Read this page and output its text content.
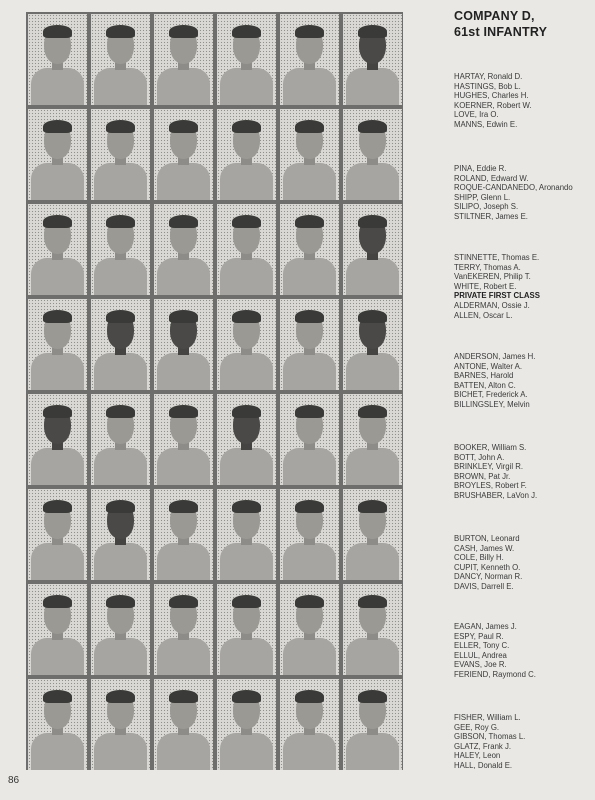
COMPANY D,
61st INFANTRY
HARTAY, Ronald D.
HASTINGS, Bob L.
HUGHES, Charles H.
KOERNER, Robert W.
LOVE, Ira O.
MANNS, Edwin E.
PINA, Eddie R.
ROLAND, Edward W.
ROQUE-CANDANEDO, Aronando
SHIPP, Glenn L.
SILIPO, Joseph S.
STILTNER, James E.
STINNETTE, Thomas E.
TERRY, Thomas A.
VanEKEREN, Philip T.
WHITE, Robert E.
PRIVATE FIRST CLASS
ALDERMAN, Ossie J.
ALLEN, Oscar L.
ANDERSON, James H.
ANTONE, Walter A.
BARNES, Harold
BATTEN, Alton C.
BICHET, Frederick A.
BILLINGSLEY, Melvin
BOOKER, William S.
BOTT, John A.
BRINKLEY, Virgil R.
BROWN, Pat Jr.
BROYLES, Robert F.
BRUSHABER, LaVon J.
BURTON, Leonard
CASH, James W.
COLE, Billy H.
CUPIT, Kenneth O.
DANCY, Norman R.
DAVIS, Darrell E.
EAGAN, James J.
ESPY, Paul R.
ELLER, Tony C.
ELLUL, Andrea
EVANS, Joe R.
FERIEND, Raymond C.
FISHER, William L.
GEE, Roy G.
GIBSON, Thomas L.
GLATZ, Frank J.
HALEY, Leon
HALL, Donald E.
86
